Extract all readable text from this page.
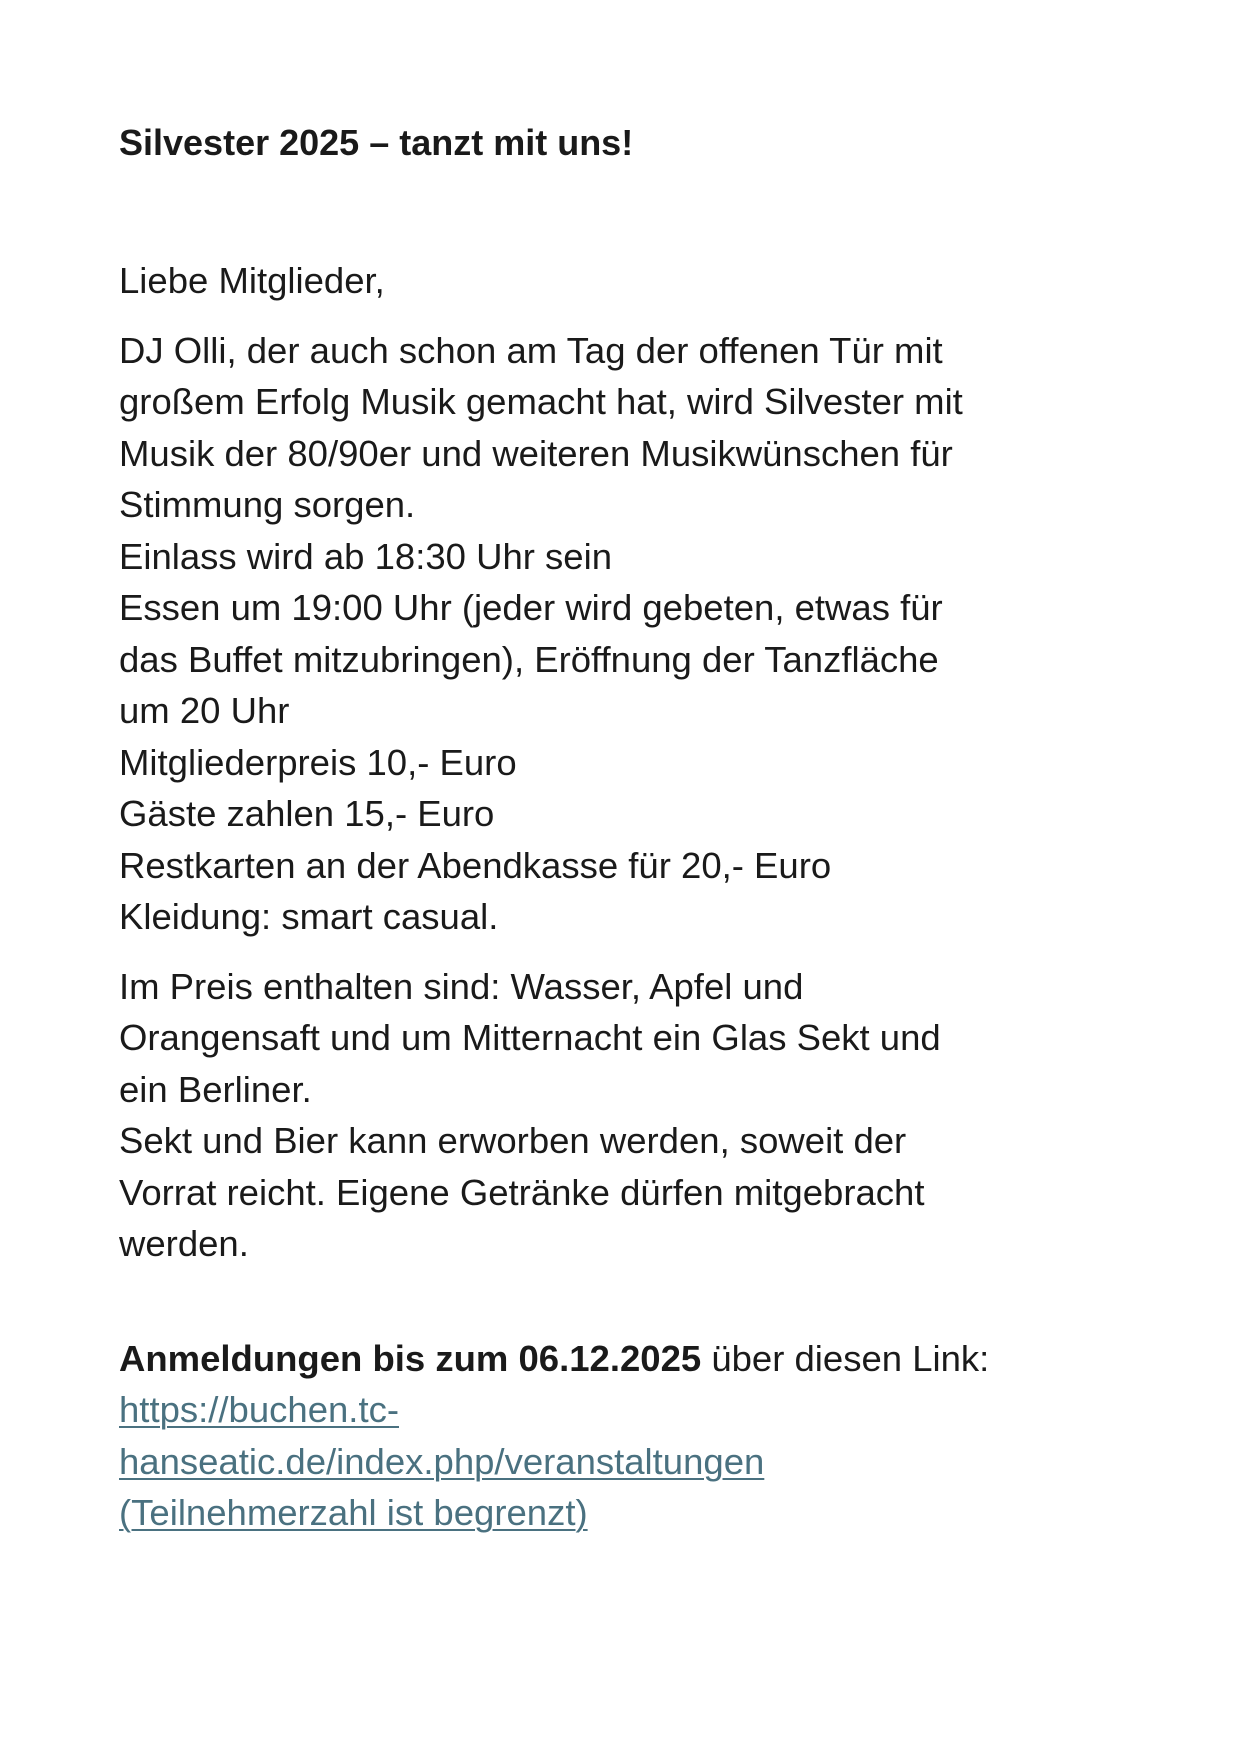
Silvester 2025 – tanzt mit uns!

Liebe Mitglieder,

DJ Olli, der auch schon am Tag der offenen Tür mit
großem Erfolg Musik gemacht hat, wird Silvester mit
Musik der 80/90er und weiteren Musikwünschen für
Stimmung sorgen.
Einlass wird ab 18:30 Uhr sein
Essen um 19:00 Uhr (jeder wird gebeten, etwas für
das Buffet mitzubringen), Eröffnung der Tanzfläche
um 20 Uhr
Mitgliederpreis 10,- Euro
Gäste zahlen 15,- Euro
Restkarten an der Abendkasse für 20,- Euro
Kleidung: smart casual.

Im Preis enthalten sind: Wasser, Apfel und
Orangensaft und um Mitternacht ein Glas Sekt und
ein Berliner.
Sekt und Bier kann erworben werden, soweit der
Vorrat reicht. Eigene Getränke dürfen mitgebracht
werden.

Anmeldungen bis zum 06.12.2025 über diesen Link:
https://buchen.tc-
hanseatic.de/index.php/veranstaltungen
(Teilnehmerzahl ist begrenzt)
